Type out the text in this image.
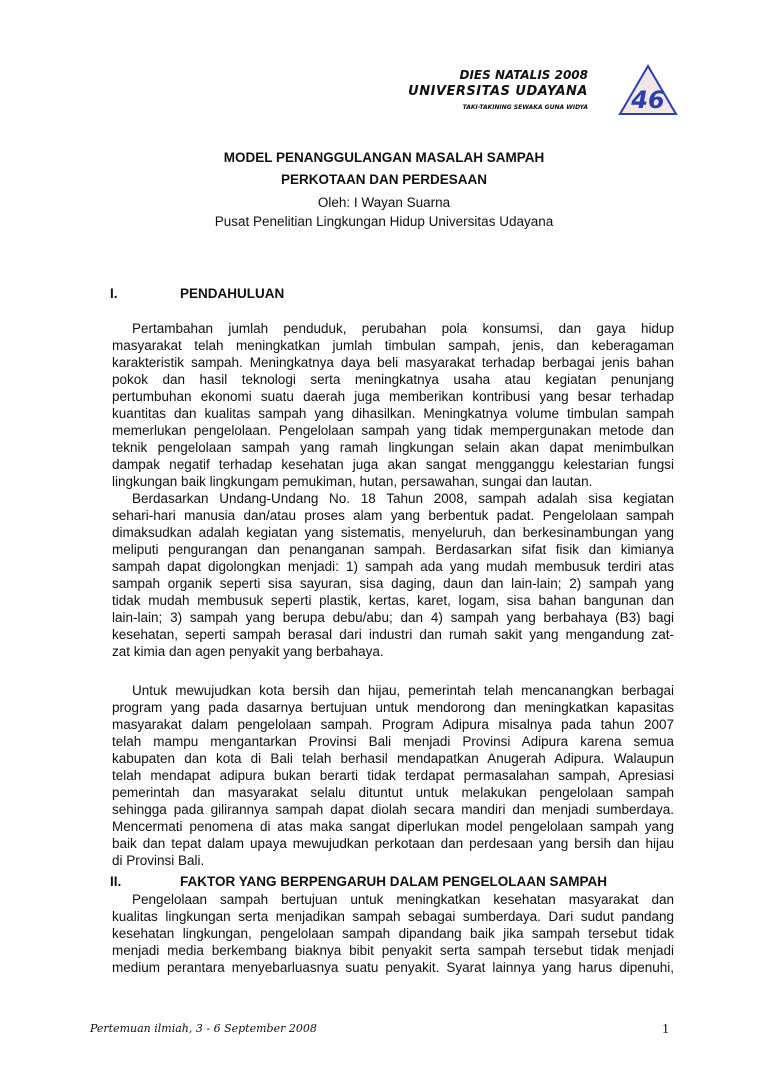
DIES NATALIS 2008
UNIVERSITAS UDAYANA
TAKI-TAKINING SEWAKA GUNA WIDYA 46
MODEL PENANGGULANGAN MASALAH SAMPAH
PERKOTAAN DAN PERDESAAN
Oleh: I Wayan Suarna
Pusat Penelitian Lingkungan Hidup Universitas Udayana
I.	PENDAHULUAN
Pertambahan jumlah penduduk, perubahan pola konsumsi, dan gaya hidup
masyarakat telah meningkatkan jumlah timbulan sampah, jenis, dan keberagaman
karakteristik sampah. Meningkatnya daya beli masyarakat terhadap berbagai jenis bahan
pokok dan hasil teknologi serta meningkatnya usaha atau kegiatan penunjang
pertumbuhan ekonomi suatu daerah juga memberikan kontribusi yang besar terhadap
kuantitas dan kualitas sampah yang dihasilkan. Meningkatnya volume timbulan sampah
memerlukan pengelolaan. Pengelolaan sampah yang tidak mempergunakan metode dan
teknik pengelolaan sampah yang ramah lingkungan selain akan dapat menimbulkan
dampak negatif terhadap kesehatan juga akan sangat mengganggu kelestarian fungsi
lingkungan baik lingkungam pemukiman, hutan, persawahan, sungai dan lautan.
Berdasarkan Undang-Undang No. 18 Tahun 2008, sampah adalah sisa kegiatan
sehari-hari manusia dan/atau proses alam yang berbentuk padat. Pengelolaan sampah
dimaksudkan adalah kegiatan yang sistematis, menyeluruh, dan berkesinambungan yang
meliputi pengurangan dan penanganan sampah. Berdasarkan sifat fisik dan kimianya
sampah dapat digolongkan menjadi: 1) sampah ada yang mudah membusuk terdiri atas
sampah organik seperti sisa sayuran, sisa daging, daun dan lain-lain; 2) sampah yang
tidak mudah membusuk seperti plastik, kertas, karet, logam, sisa bahan bangunan dan
lain-lain; 3) sampah yang berupa debu/abu; dan 4) sampah yang berbahaya (B3) bagi
kesehatan, seperti sampah berasal dari industri dan rumah sakit yang mengandung zat-
zat kimia dan agen penyakit yang berbahaya.
Untuk mewujudkan kota bersih dan hijau, pemerintah telah mencanangkan berbagai
program yang pada dasarnya bertujuan untuk mendorong dan meningkatkan kapasitas
masyarakat dalam pengelolaan sampah. Program Adipura misalnya pada tahun 2007
telah mampu mengantarkan Provinsi Bali menjadi Provinsi Adipura karena semua
kabupaten dan kota di Bali telah berhasil mendapatkan Anugerah Adipura. Walaupun
telah mendapat adipura bukan berarti tidak terdapat permasalahan sampah, Apresiasi
pemerintah dan masyarakat selalu dituntut untuk melakukan pengelolaan sampah
sehingga pada gilirannya sampah dapat diolah secara mandiri dan menjadi sumberdaya.
Mencermati penomena di atas maka sangat diperlukan model pengelolaan sampah yang
baik dan tepat dalam upaya mewujudkan perkotaan dan perdesaan yang bersih dan hijau
di Provinsi Bali.
II.	FAKTOR YANG BERPENGARUH DALAM PENGELOLAAN SAMPAH
Pengelolaan sampah bertujuan untuk meningkatkan kesehatan masyarakat dan
kualitas lingkungan serta menjadikan sampah sebagai sumberdaya. Dari sudut pandang
kesehatan lingkungan, pengelolaan sampah dipandang baik jika sampah tersebut tidak
menjadi media berkembang biaknya bibit penyakit serta sampah tersebut tidak menjadi
medium perantara menyebarluasnya suatu penyakit. Syarat lainnya yang harus dipenuhi,
Pertemuan ilmiah, 3 - 6 September 2008	1
